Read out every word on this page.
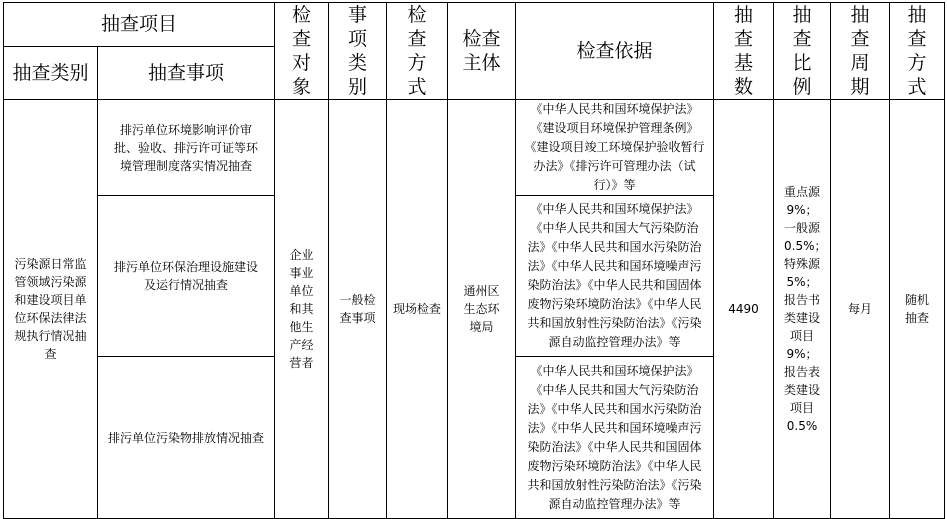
抽查项目		检查对象	事项类别	检查方式	检查主体	检查依据	抽查基数	抽查比例	抽查周期	抽查方式
抽查类别	抽查事项									
污染源日常监管领域污染源和建设项目单位环保法律法规执行情况抽查	排污单位环境影响评价审批、验收、排污许可证等环境管理制度落实情况抽查	企业事业单位和其他生产经营者	一般检查事项	现场检查	通州区生态环境局	《中华人民共和国环境保护法》《建设项目环境保护管理条例》《建设项目竣工环境保护验收暂行办法》《排污许可管理办法（试行）》等	4490	重点源9%；一般源0.5%；特殊源5%；报告书类建设项目9%；报告表类建设项目0.5%	每月	随机抽查
	排污单位环保治理设施建设及运行情况抽查					《中华人民共和国环境保护法》《中华人民共和国大气污染防治法》《中华人民共和国水污染防治法》《中华人民共和国环境噪声污染防治法》《中华人民共和国固体废物污染环境防治法》《中华人民共和国放射性污染防治法》《污染源自动监控管理办法》等				
	排污单位污染物排放情况抽查					《中华人民共和国环境保护法》《中华人民共和国大气污染防治法》《中华人民共和国水污染防治法》《中华人民共和国环境噪声污染防治法》《中华人民共和国固体废物污染环境防治法》《中华人民共和国放射性污染防治法》《污染源自动监控管理办法》等				
